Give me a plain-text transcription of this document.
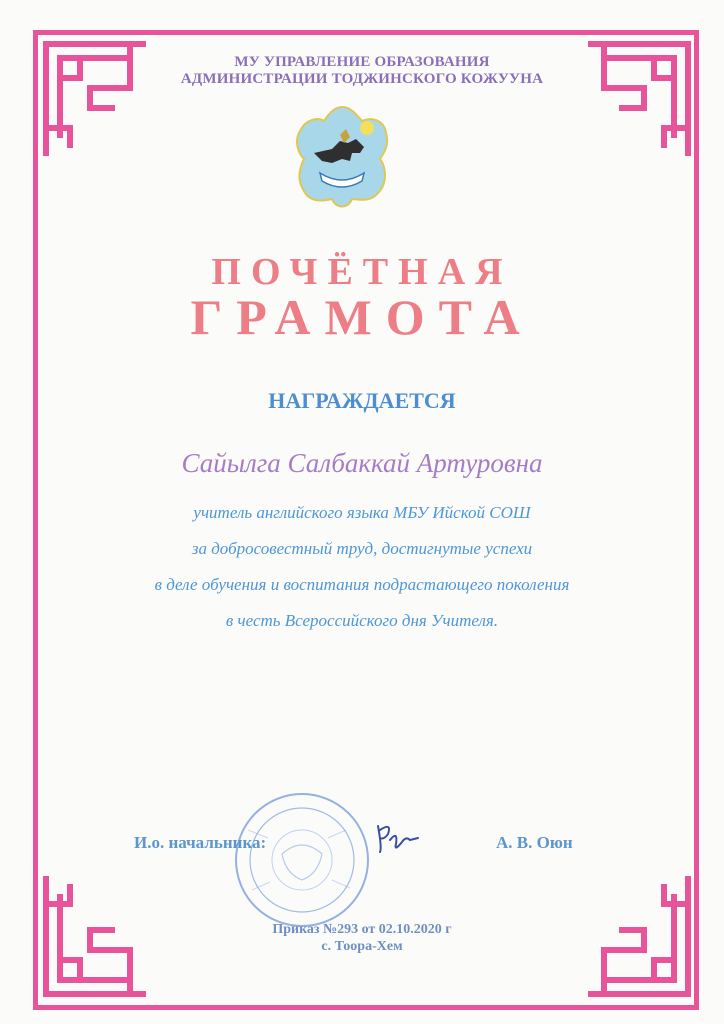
МУ УПРАВЛЕНИЕ ОБРАЗОВАНИЯ
АДМИНИСТРАЦИИ ТОДЖИНСКОГО КОЖУУНА
ПОЧЁТНАЯ
ГРАМОТА
НАГРАЖДАЕТСЯ
Сайылга Салбаккай Артуровна
учитель английского языка МБУ Ийской СОШ
за добросовестный труд, достигнутые успехи
в деле обучения и воспитания подрастающего поколения
в честь Всероссийского дня Учителя.
И.о. начальника:	А. В. Оюн
Приказ №293 от 02.10.2020 г
с. Тоора-Хем
